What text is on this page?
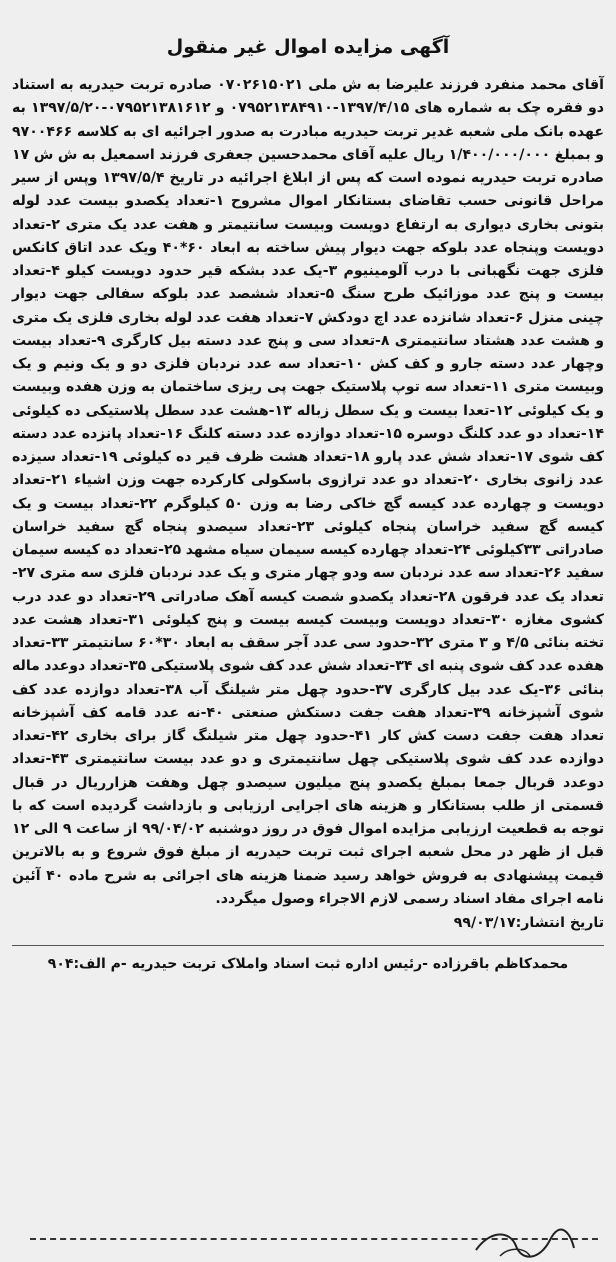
آگهی مزایده اموال غیر منقول

آقای محمد منفرد فرزند علیرضا به ش ملی ۰۷۰۲۶۱۵۰۲۱ صادره تربت حیدریه به استناد دو فقره چک به شماره های ۱۳۹۷/۴/۱۵-۰۷۹۵۲۱۳۸۴۹۱۰ و ۰۷۹۵۲۱۳۸۱۶۱۲-۱۳۹۷/۵/۲۰ به عهده بانک ملی شعبه غدیر تربت حیدریه مبادرت به صدور اجرائیه ای به کلاسه ۹۷۰۰۴۶۶ و بمبلغ ۱/۴۰۰/۰۰۰/۰۰۰ ریال علیه آقای محمدحسین جعفری فرزند اسمعیل به ش ش ۱۷ صادره تربت حیدریه نموده است که پس از ابلاغ اجرائیه در تاریخ ۱۳۹۷/۵/۴ وپس از سیر مراحل قانونی حسب تقاضای بستانکار اموال مشروح ۱-تعداد یکصدو بیست عدد لوله بتونی بخاری دیواری به ارتفاع دویست وبیست سانتیمتر و هفت عدد یک متری ۲-تعداد دویست وپنجاه عدد بلوکه جهت دیوار پیش ساخته به ابعاد ۶۰*۴۰ ویک عدد اتاق کانکس فلزی جهت نگهبانی با درب آلومینیوم ۳-یک عدد بشکه قیر حدود دویست کیلو ۴-تعداد بیست و پنج عدد موزائیک طرح سنگ ۵-تعداد ششصد عدد بلوکه سفالی جهت دیوار چینی منزل ۶-تعداد شانزده عدد اچ دودکش ۷-تعداد هفت عدد لوله بخاری فلزی یک متری و هشت عدد هشتاد سانتیمتری ۸-تعداد سی و پنج عدد دسته بیل کارگری ۹-تعداد بیست وچهار عدد دسته جارو و کف کش ۱۰-تعداد سه عدد نردبان فلزی دو و یک ونیم و یک وبیست متری ۱۱-تعداد سه توپ پلاستیک جهت پی ریزی ساختمان به وزن هفده وبیست و یک کیلوئی ۱۲-تعدا بیست و یک سطل زباله ۱۳-هشت عدد سطل پلاستیکی ده کیلوئی ۱۴-تعداد دو عدد کلنگ دوسره ۱۵-تعداد دوازده عدد دسته کلنگ ۱۶-تعداد پانزده عدد دسته کف شوی ۱۷-تعداد شش عدد پارو ۱۸-تعداد هشت ظرف قیر ده کیلوئی ۱۹-تعداد سیزده عدد زانوی بخاری ۲۰-تعداد دو عدد ترازوی باسکولی کارکرده جهت وزن اشیاء ۲۱-تعداد دویست و چهارده عدد کیسه گچ خاکی رضا به وزن ۵۰ کیلوگرم ۲۲-تعداد بیست و یک کیسه گچ سفید خراسان پنجاه کیلوئی ۲۳-تعداد سیصدو پنجاه گچ سفید خراسان صادراتی ۳۳کیلوئی ۲۴-تعداد چهارده کیسه سیمان سیاه مشهد ۲۵-تعداد ده کیسه سیمان سفید ۲۶-تعداد سه عدد نردبان سه ودو چهار متری و یک عدد نردبان فلزی سه متری ۲۷-تعداد یک عدد فرقون ۲۸-تعداد یکصدو شصت کیسه آهک صادراتی ۲۹-تعداد دو عدد درب کشوی مغازه ۳۰-تعداد دویست وبیست کیسه بیست و پنج کیلوئی ۳۱-تعداد هشت عدد تخته بنائی ۴/۵ و ۳ متری ۳۲-حدود سی عدد آجر سقف به ابعاد ۳۰*۶۰ سانتیمتر ۳۳-تعداد هفده عدد کف شوی پنبه ای ۳۴-تعداد شش عدد کف شوی پلاستیکی ۳۵-تعداد دوعدد ماله بنائی ۳۶-یک عدد بیل کارگری ۳۷-حدود چهل متر شیلنگ آب ۳۸-تعداد دوازده عدد کف شوی آشپزخانه ۳۹-تعداد هفت جفت دستکش صنعتی ۴۰-نه عدد قامه کف آشپزخانه تعداد هفت جفت دست کش کار ۴۱-حدود چهل متر شیلنگ گاز برای بخاری ۴۲-تعداد دوازده عدد کف شوی پلاستیکی چهل سانتیمتری و دو عدد بیست سانتیمتری ۴۳-تعداد دوعدد قربال جمعا بمبلغ یکصدو پنج میلیون سیصدو چهل وهفت هزارریال در قبال قسمتی از طلب بستانکار و هزینه های اجرایی ارزیابی و بازداشت گردیده است که با توجه به قطعیت ارزیابی مزایده اموال فوق در روز دوشنبه ۹۹/۰۴/۰۲ از ساعت ۹ الی ۱۲ قبل از ظهر در محل شعبه اجرای ثبت تربت حیدریه از مبلغ فوق شروع و به بالاترین قیمت پیشنهادی به فروش خواهد رسید ضمنا هزینه های اجرائی به شرح ماده ۴۰ آئین نامه اجرای مفاد اسناد رسمی لازم الاجراء وصول میگردد.

تاریخ انتشار:۹۹/۰۳/۱۷

محمدکاظم باقرزاده -رئیس اداره ثبت اسناد واملاک تربت حیدریه -م الف:۹۰۴
